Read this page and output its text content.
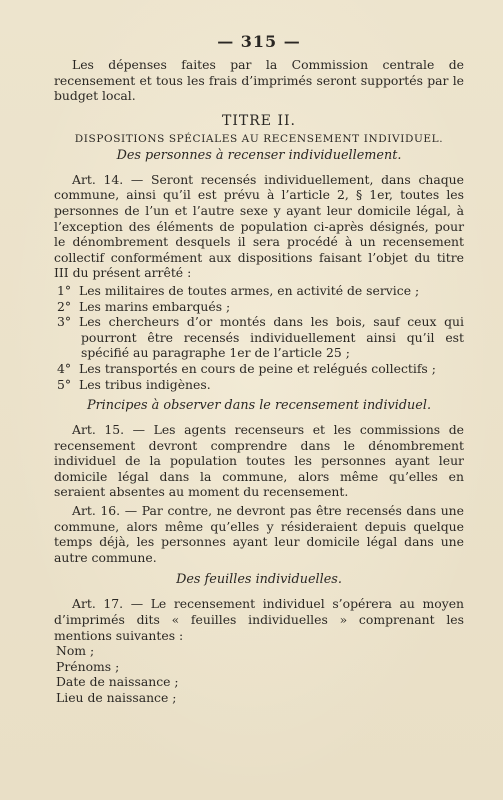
— 315 —

Les dépenses faites par la Commission centrale de recensement et tous les frais d’imprimés seront supportés par le budget local.

TITRE II.
DISPOSITIONS SPÉCIALES AU RECENSEMENT INDIVIDUEL.
Des personnes à recenser individuellement.

Art. 14. — Seront recensés individuellement, dans chaque commune, ainsi qu’il est prévu à l’article 2, § 1er, toutes les personnes de l’un et l’autre sexe y ayant leur domicile légal, à l’exception des éléments de population ci-après désignés, pour le dénombrement desquels il sera procédé à un recensement collectif conformément aux dispositions faisant l’objet du titre III du présent arrêté :

1° Les militaires de toutes armes, en activité de service ;
2° Les marins embarqués ;
3° Les chercheurs d’or montés dans les bois, sauf ceux qui pourront être recensés individuellement ainsi qu’il est spécifié au paragraphe 1er de l’article 25 ;
4° Les transportés en cours de peine et relégués collectifs ;
5° Les tribus indigènes.
Principes à observer dans le recensement individuel.

Art. 15. — Les agents recenseurs et les commissions de recensement devront comprendre dans le dénombrement individuel de la population toutes les personnes ayant leur domicile légal dans la commune, alors même qu’elles en seraient absentes au moment du recensement.

Art. 16. — Par contre, ne devront pas être recensés dans une commune, alors même qu’elles y résideraient depuis quelque temps déjà, les personnes ayant leur domicile légal dans une autre commune.

Des feuilles individuelles.

Art. 17. — Le recensement individuel s’opérera au moyen d’imprimés dits « feuilles individuelles » comprenant les mentions suivantes :

Nom ;
Prénoms ;
Date de naissance ;
Lieu de naissance ;
